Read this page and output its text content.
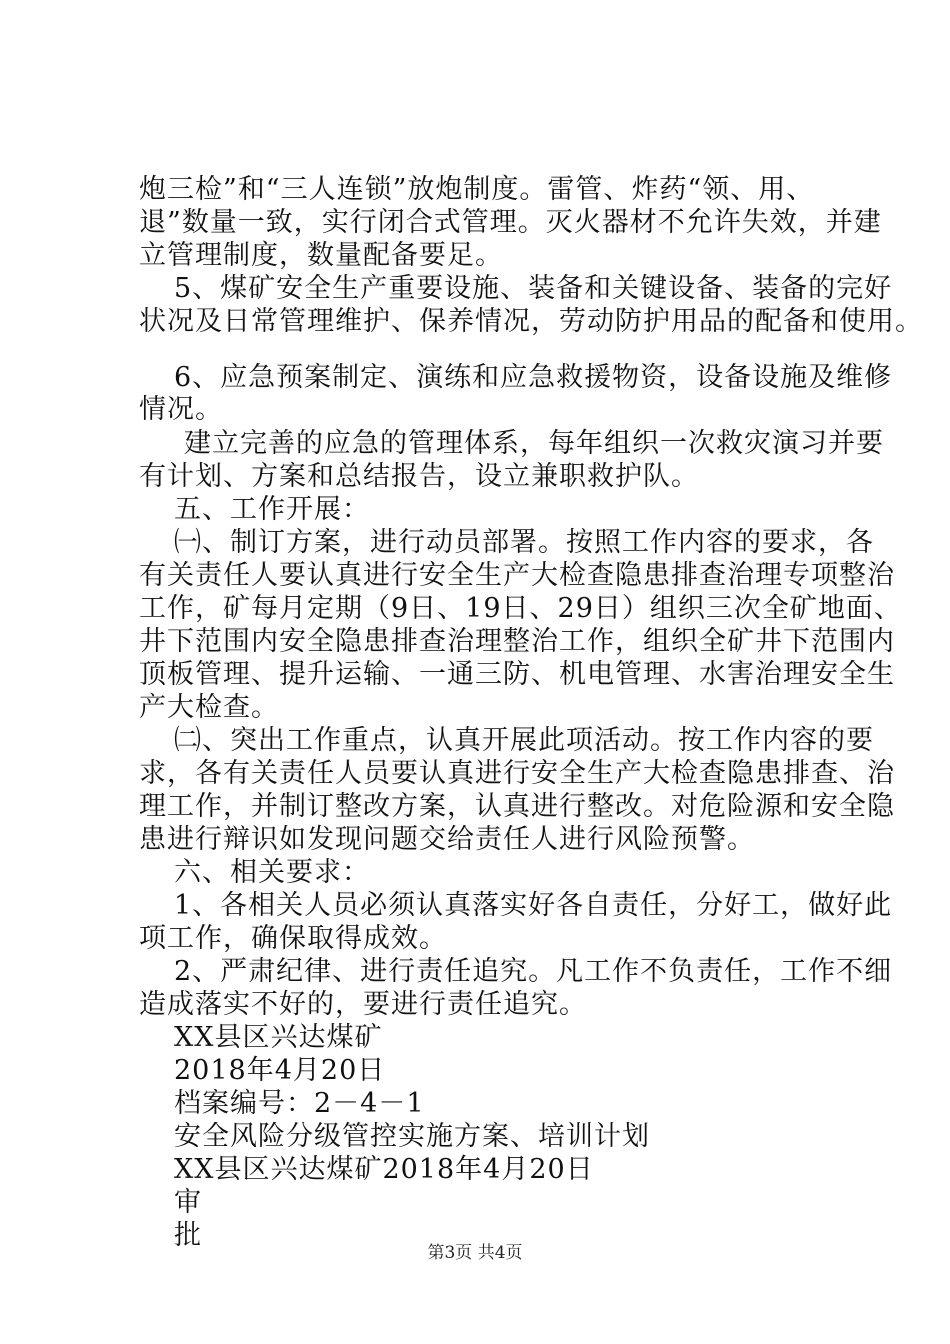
炮三检”和“三人连锁”放炮制度。雷管、炸药“领、用、
退”数量一致，实行闭合式管理。灭火器材不允许失效，并建
立管理制度，数量配备要足。
5、煤矿安全生产重要设施、装备和关键设备、装备的完好
状况及日常管理维护、保养情况，劳动防护用品的配备和使用。
6、应急预案制定、演练和应急救援物资，设备设施及维修
情况。
建立完善的应急的管理体系，每年组织一次救灾演习并要
有计划、方案和总结报告，设立兼职救护队。
五、工作开展：
㈠、制订方案，进行动员部署。按照工作内容的要求，各
有关责任人要认真进行安全生产大检查隐患排查治理专项整治
工作，矿每月定期（9日、19日、29日）组织三次全矿地面、
井下范围内安全隐患排查治理整治工作，组织全矿井下范围内
顶板管理、提升运输、一通三防、机电管理、水害治理安全生
产大检查。
㈡、突出工作重点，认真开展此项活动。按工作内容的要
求，各有关责任人员要认真进行安全生产大检查隐患排查、治
理工作，并制订整改方案，认真进行整改。对危险源和安全隐
患进行辩识如发现问题交给责任人进行风险预警。
六、相关要求：
1、各相关人员必须认真落实好各自责任，分好工，做好此
项工作，确保取得成效。
2、严肃纪律、进行责任追究。凡工作不负责任，工作不细
造成落实不好的，要进行责任追究。
XX县区兴达煤矿
2018年4月20日
档案编号：2－4－1
安全风险分级管控实施方案、培训计划
XX县区兴达煤矿2018年4月20日
审
批
第3页 共4页
